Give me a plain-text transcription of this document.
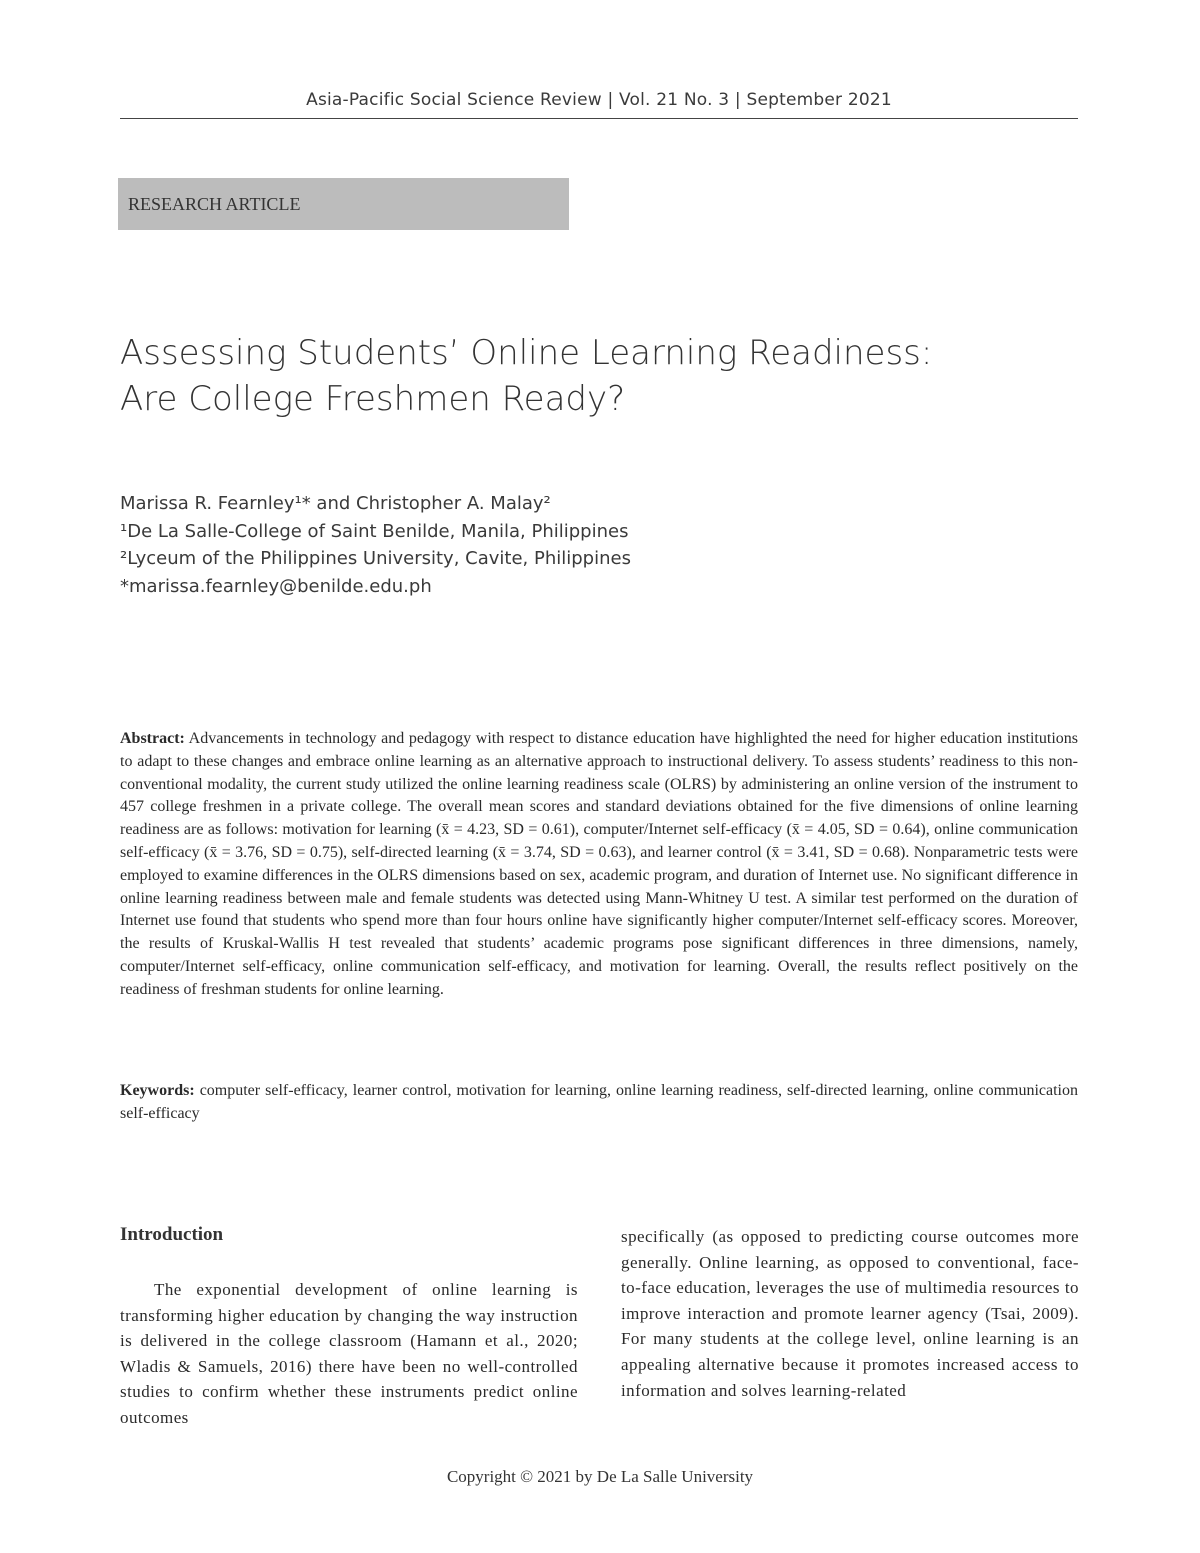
Asia-Pacific Social Science Review | Vol. 21 No. 3 | September 2021
RESEARCH ARTICLE
Assessing Students’ Online Learning Readiness:
Are College Freshmen Ready?
Marissa R. Fearnley¹* and Christopher A. Malay²
¹De La Salle-College of Saint Benilde, Manila, Philippines
²Lyceum of the Philippines University, Cavite, Philippines
*marissa.fearnley@benilde.edu.ph
Abstract: Advancements in technology and pedagogy with respect to distance education have highlighted the need for higher education institutions to adapt to these changes and embrace online learning as an alternative approach to instructional delivery. To assess students’ readiness to this non-conventional modality, the current study utilized the online learning readiness scale (OLRS) by administering an online version of the instrument to 457 college freshmen in a private college. The overall mean scores and standard deviations obtained for the five dimensions of online learning readiness are as follows: motivation for learning (x̄ = 4.23, SD = 0.61), computer/Internet self-efficacy (x̄ = 4.05, SD = 0.64), online communication self-efficacy (x̄ = 3.76, SD = 0.75), self-directed learning (x̄ = 3.74, SD = 0.63), and learner control (x̄ = 3.41, SD = 0.68). Nonparametric tests were employed to examine differences in the OLRS dimensions based on sex, academic program, and duration of Internet use. No significant difference in online learning readiness between male and female students was detected using Mann-Whitney U test. A similar test performed on the duration of Internet use found that students who spend more than four hours online have significantly higher computer/Internet self-efficacy scores. Moreover, the results of Kruskal-Wallis H test revealed that students’ academic programs pose significant differences in three dimensions, namely, computer/Internet self-efficacy, online communication self-efficacy, and motivation for learning. Overall, the results reflect positively on the readiness of freshman students for online learning.
Keywords: computer self-efficacy, learner control, motivation for learning, online learning readiness, self-directed learning, online communication self-efficacy
Introduction
The exponential development of online learning is transforming higher education by changing the way instruction is delivered in the college classroom (Hamann et al., 2020; Wladis & Samuels, 2016) there have been no well-controlled studies to confirm whether these instruments predict online outcomes
specifically (as opposed to predicting course outcomes more generally. Online learning, as opposed to conventional, face-to-face education, leverages the use of multimedia resources to improve interaction and promote learner agency (Tsai, 2009). For many students at the college level, online learning is an appealing alternative because it promotes increased access to information and solves learning-related
Copyright © 2021 by De La Salle University
